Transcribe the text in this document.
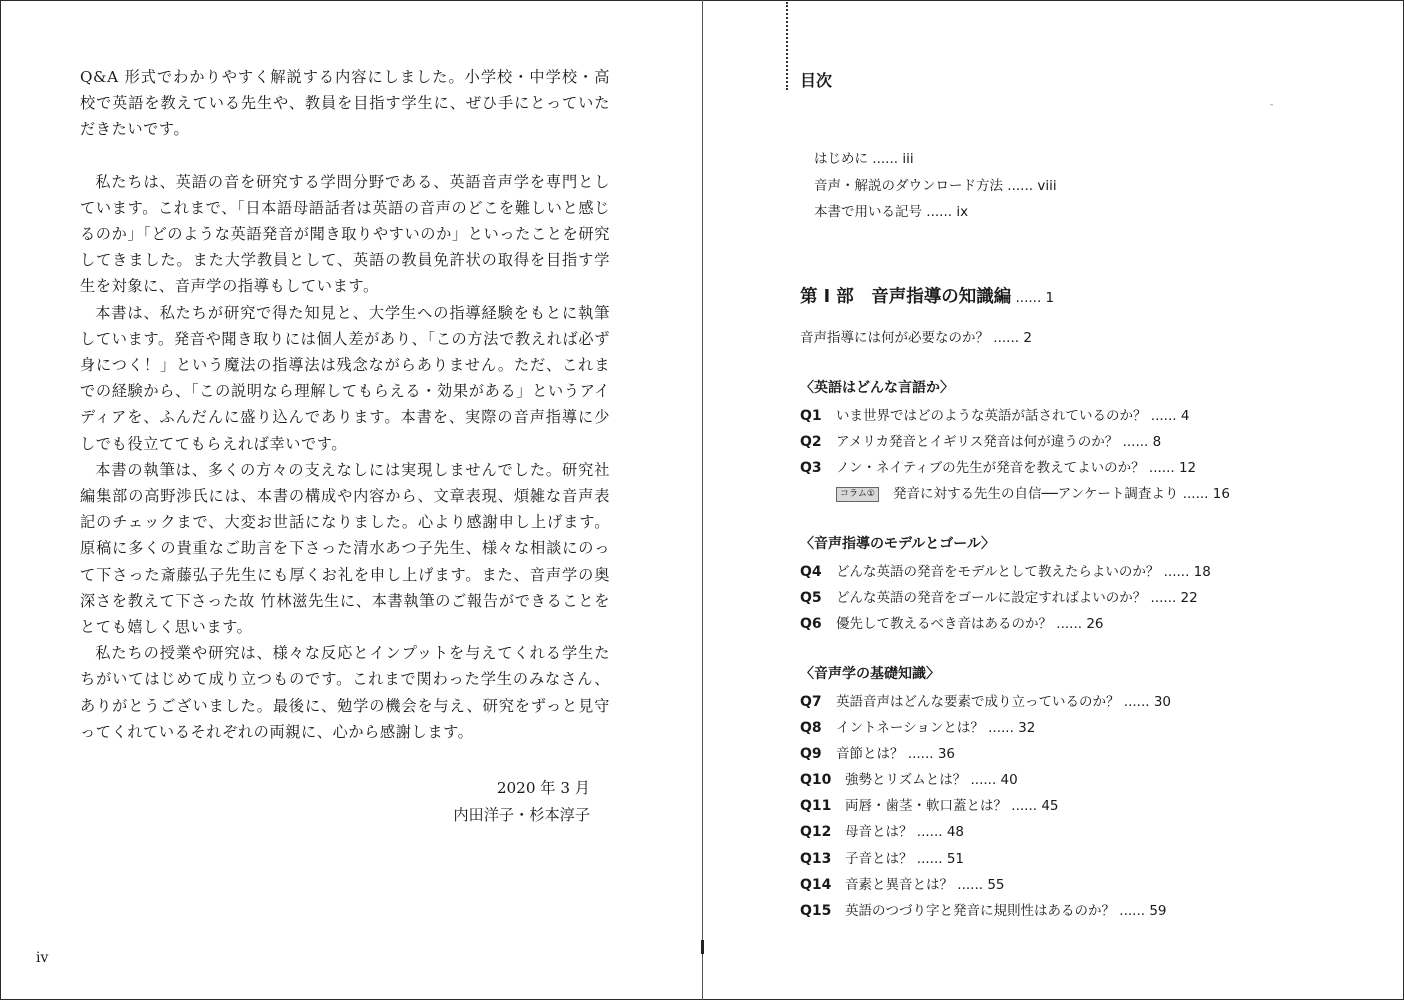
Q&A 形式でわかりやすく解説する内容にしました。小学校・中学校・高校で英語を教えている先生や、教員を目指す学生に、ぜひ手にとっていただきたいです。

私たちは、英語の音を研究する学問分野である、英語音声学を専門としています。これまで、「日本語母語話者は英語の音声のどこを難しいと感じるのか」「どのような英語発音が聞き取りやすいのか」といったことを研究してきました。また大学教員として、英語の教員免許状の取得を目指す学生を対象に、音声学の指導もしています。

本書は、私たちが研究で得た知見と、大学生への指導経験をもとに執筆しています。発音や聞き取りには個人差があり、「この方法で教えれば必ず身につく！」という魔法の指導法は残念ながらありません。ただ、これまでの経験から、「この説明なら理解してもらえる・効果がある」というアイディアを、ふんだんに盛り込んであります。本書を、実際の音声指導に少しでも役立ててもらえれば幸いです。

本書の執筆は、多くの方々の支えなしには実現しませんでした。研究社編集部の高野渉氏には、本書の構成や内容から、文章表現、煩雑な音声表記のチェックまで、大変お世話になりました。心より感謝申し上げます。原稿に多くの貴重なご助言を下さった清水あつ子先生、様々な相談にのって下さった斎藤弘子先生にも厚くお礼を申し上げます。また、音声学の奥深さを教えて下さった故 竹林滋先生に、本書執筆のご報告ができることをとても嬉しく思います。

私たちの授業や研究は、様々な反応とインプットを与えてくれる学生たちがいてはじめて成り立つものです。これまで関わった学生のみなさん、ありがとうございました。最後に、勉学の機会を与え、研究をずっと見守ってくれているそれぞれの両親に、心から感謝します。

2020 年 3 月
内田洋子・杉本淳子
iv
目次
-
はじめに ...... iii
音声・解説のダウンロード方法 ...... viii
本書で用いる記号 ...... ix
第 I 部　音声指導の知識編 ...... 1
音声指導には何が必要なのか？ ...... 2
〈英語はどんな言語か〉
Q1 いま世界ではどのような英語が話されているのか？ ...... 4
Q2 アメリカ発音とイギリス発音は何が違うのか？ ...... 8
Q3 ノン・ネイティブの先生が発音を教えてよいのか？ ...... 12
コラム① 発音に対する先生の自信──アンケート調査より ...... 16
〈音声指導のモデルとゴール〉
Q4 どんな英語の発音をモデルとして教えたらよいのか？ ...... 18
Q5 どんな英語の発音をゴールに設定すればよいのか？ ...... 22
Q6 優先して教えるべき音はあるのか？ ...... 26
〈音声学の基礎知識〉
Q7 英語音声はどんな要素で成り立っているのか？ ...... 30
Q8 イントネーションとは？ ...... 32
Q9 音節とは？ ...... 36
Q10 強勢とリズムとは？ ...... 40
Q11 両唇・歯茎・軟口蓋とは？ ...... 45
Q12 母音とは？ ...... 48
Q13 子音とは？ ...... 51
Q14 音素と異音とは？ ...... 55
Q15 英語のつづり字と発音に規則性はあるのか？ ...... 59
